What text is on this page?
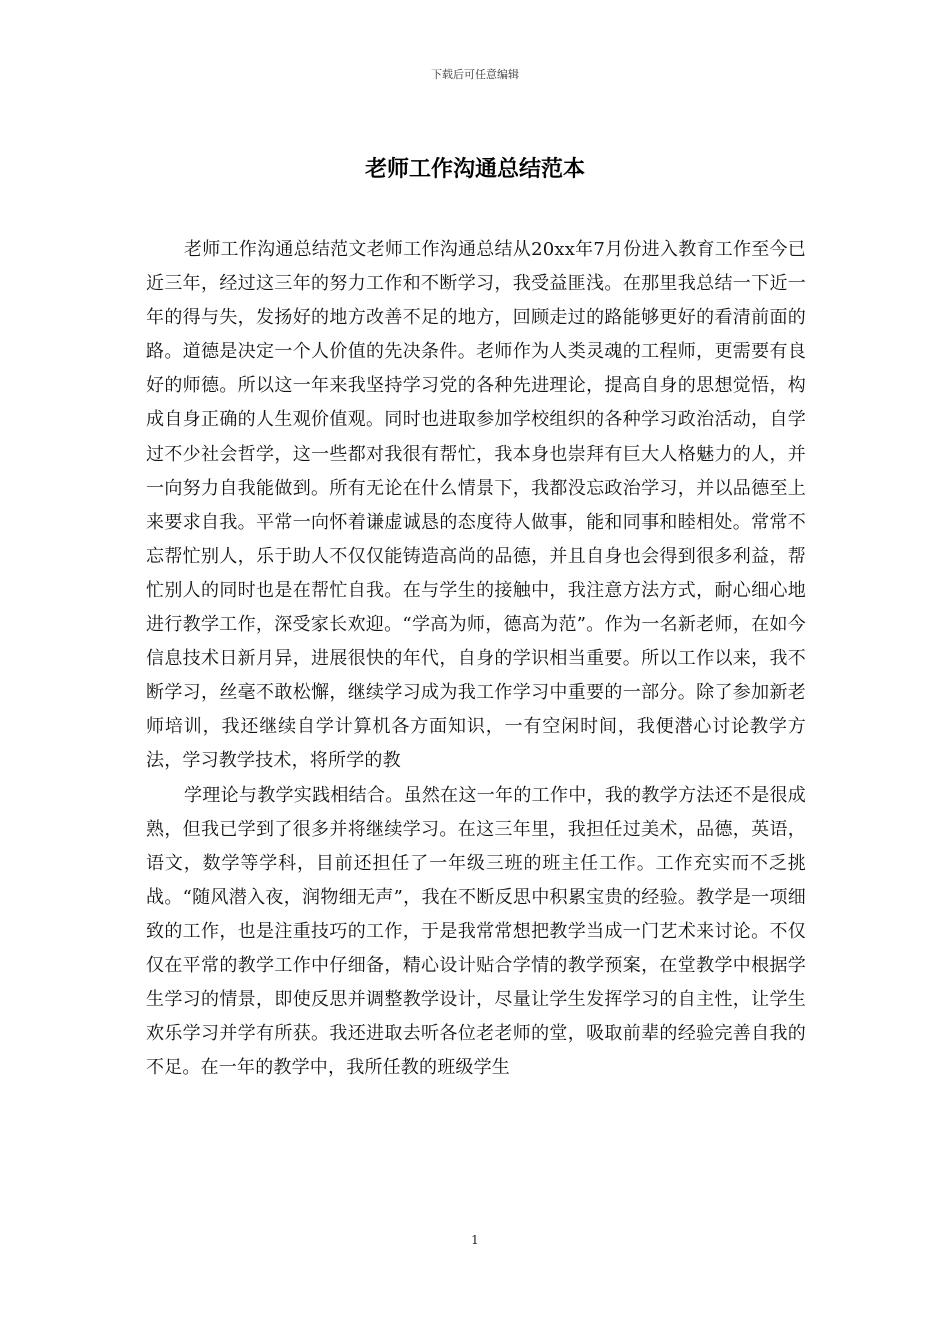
下载后可任意编辑
老师工作沟通总结范本

老师工作沟通总结范文老师工作沟通总结从20xx年7月份进入教育工作至今已近三年，经过这三年的努力工作和不断学习，我受益匪浅。在那里我总结一下近一年的得与失，发扬好的地方改善不足的地方，回顾走过的路能够更好的看清前面的路。道德是决定一个人价值的先决条件。老师作为人类灵魂的工程师，更需要有良好的师德。所以这一年来我坚持学习党的各种先进理论，提高自身的思想觉悟，构成自身正确的人生观价值观。同时也进取参加学校组织的各种学习政治活动，自学过不少社会哲学，这一些都对我很有帮忙，我本身也崇拜有巨大人格魅力的人，并一向努力自我能做到。所有无论在什么情景下，我都没忘政治学习，并以品德至上来要求自我。平常一向怀着谦虚诚恳的态度待人做事，能和同事和睦相处。常常不忘帮忙别人，乐于助人不仅仅能铸造高尚的品德，并且自身也会得到很多利益，帮忙别人的同时也是在帮忙自我。在与学生的接触中，我注意方法方式，耐心细心地进行教学工作，深受家长欢迎。“学高为师，德高为范”。作为一名新老师，在如今信息技术日新月异，进展很快的年代，自身的学识相当重要。所以工作以来，我不断学习，丝毫不敢松懈，继续学习成为我工作学习中重要的一部分。除了参加新老师培训，我还继续自学计算机各方面知识，一有空闲时间，我便潜心讨论教学方法，学习教学技术，将所学的教

学理论与教学实践相结合。虽然在这一年的工作中，我的教学方法还不是很成熟，但我已学到了很多并将继续学习。在这三年里，我担任过美术，品德，英语，语文，数学等学科，目前还担任了一年级三班的班主任工作。工作充实而不乏挑战。“随风潜入夜，润物细无声”，我在不断反思中积累宝贵的经验。教学是一项细致的工作，也是注重技巧的工作，于是我常常想把教学当成一门艺术来讨论。不仅仅在平常的教学工作中仔细备，精心设计贴合学情的教学预案，在堂教学中根据学生学习的情景，即使反思并调整教学设计，尽量让学生发挥学习的自主性，让学生欢乐学习并学有所获。我还进取去听各位老老师的堂，吸取前辈的经验完善自我的不足。在一年的教学中，我所任教的班级学生

1
